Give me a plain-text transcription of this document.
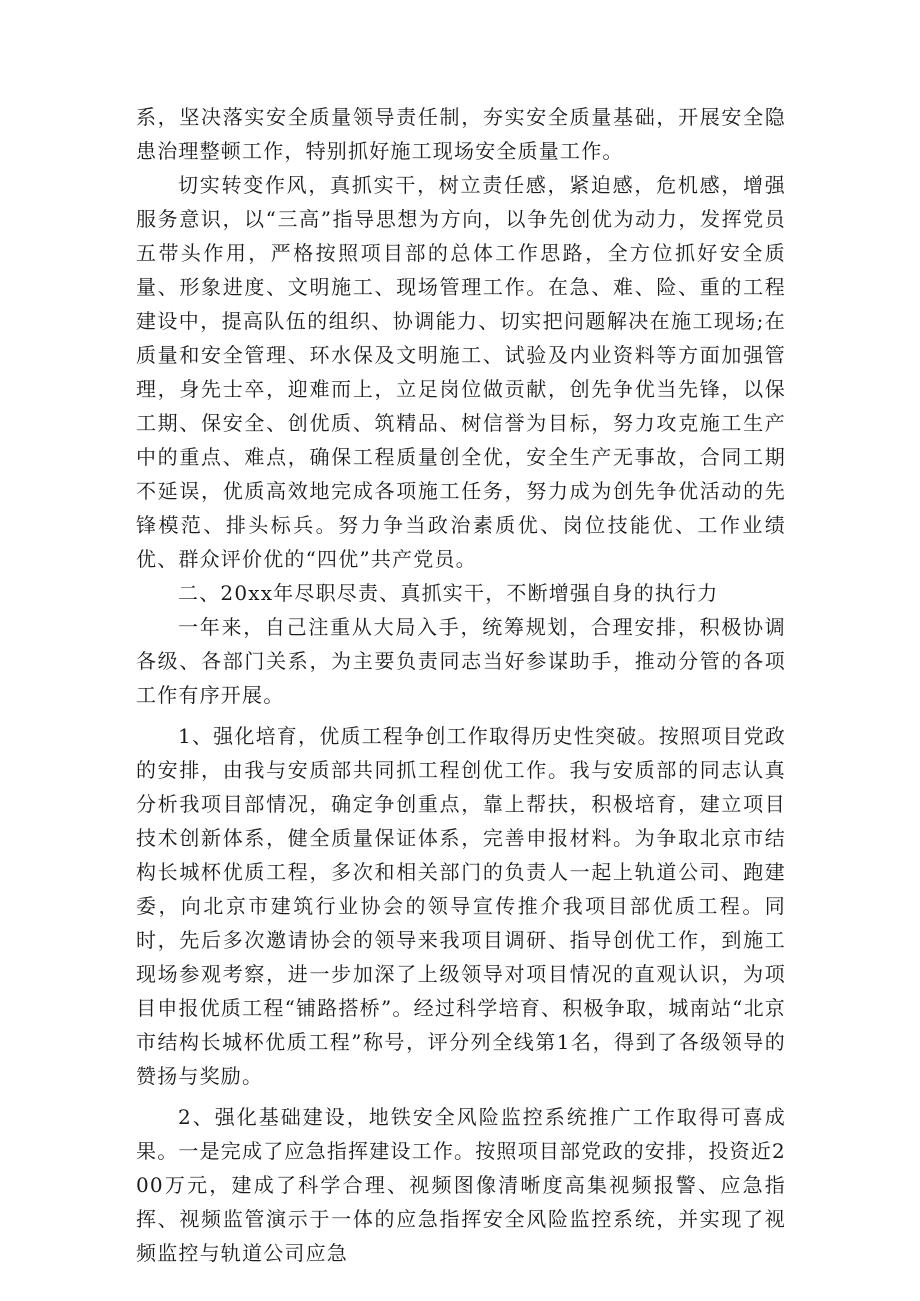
系，坚决落实安全质量领导责任制，夯实安全质量基础，开展安全隐患治理整顿工作，特别抓好施工现场安全质量工作。

切实转变作风，真抓实干，树立责任感，紧迫感，危机感，增强服务意识，以“三高”指导思想为方向，以争先创优为动力，发挥党员五带头作用，严格按照项目部的总体工作思路，全方位抓好安全质量、形象进度、文明施工、现场管理工作。在急、难、险、重的工程建设中，提高队伍的组织、协调能力、切实把问题解决在施工现场;在质量和安全管理、环水保及文明施工、试验及内业资料等方面加强管理，身先士卒，迎难而上，立足岗位做贡献，创先争优当先锋，以保工期、保安全、创优质、筑精品、树信誉为目标，努力攻克施工生产中的重点、难点，确保工程质量创全优，安全生产无事故，合同工期不延误，优质高效地完成各项施工任务，努力成为创先争优活动的先锋模范、排头标兵。努力争当政治素质优、岗位技能优、工作业绩优、群众评价优的“四优”共产党员。

二、20xx年尽职尽责、真抓实干，不断增强自身的执行力

一年来，自己注重从大局入手，统筹规划，合理安排，积极协调各级、各部门关系，为主要负责同志当好参谋助手，推动分管的各项工作有序开展。

1、强化培育，优质工程争创工作取得历史性突破。按照项目党政的安排，由我与安质部共同抓工程创优工作。我与安质部的同志认真分析我项目部情况，确定争创重点，靠上帮扶，积极培育，建立项目技术创新体系，健全质量保证体系，完善申报材料。为争取北京市结构长城杯优质工程，多次和相关部门的负责人一起上轨道公司、跑建委，向北京市建筑行业协会的领导宣传推介我项目部优质工程。同时，先后多次邀请协会的领导来我项目调研、指导创优工作，到施工现场参观考察，进一步加深了上级领导对项目情况的直观认识，为项目申报优质工程“铺路搭桥”。经过科学培育、积极争取，城南站“北京市结构长城杯优质工程”称号，评分列全线第1名，得到了各级领导的赞扬与奖励。

2、强化基础建设，地铁安全风险监控系统推广工作取得可喜成果。一是完成了应急指挥建设工作。按照项目部党政的安排，投资近200万元，建成了科学合理、视频图像清晰度高集视频报警、应急指挥、视频监管演示于一体的应急指挥安全风险监控系统，并实现了视频监控与轨道公司应急
